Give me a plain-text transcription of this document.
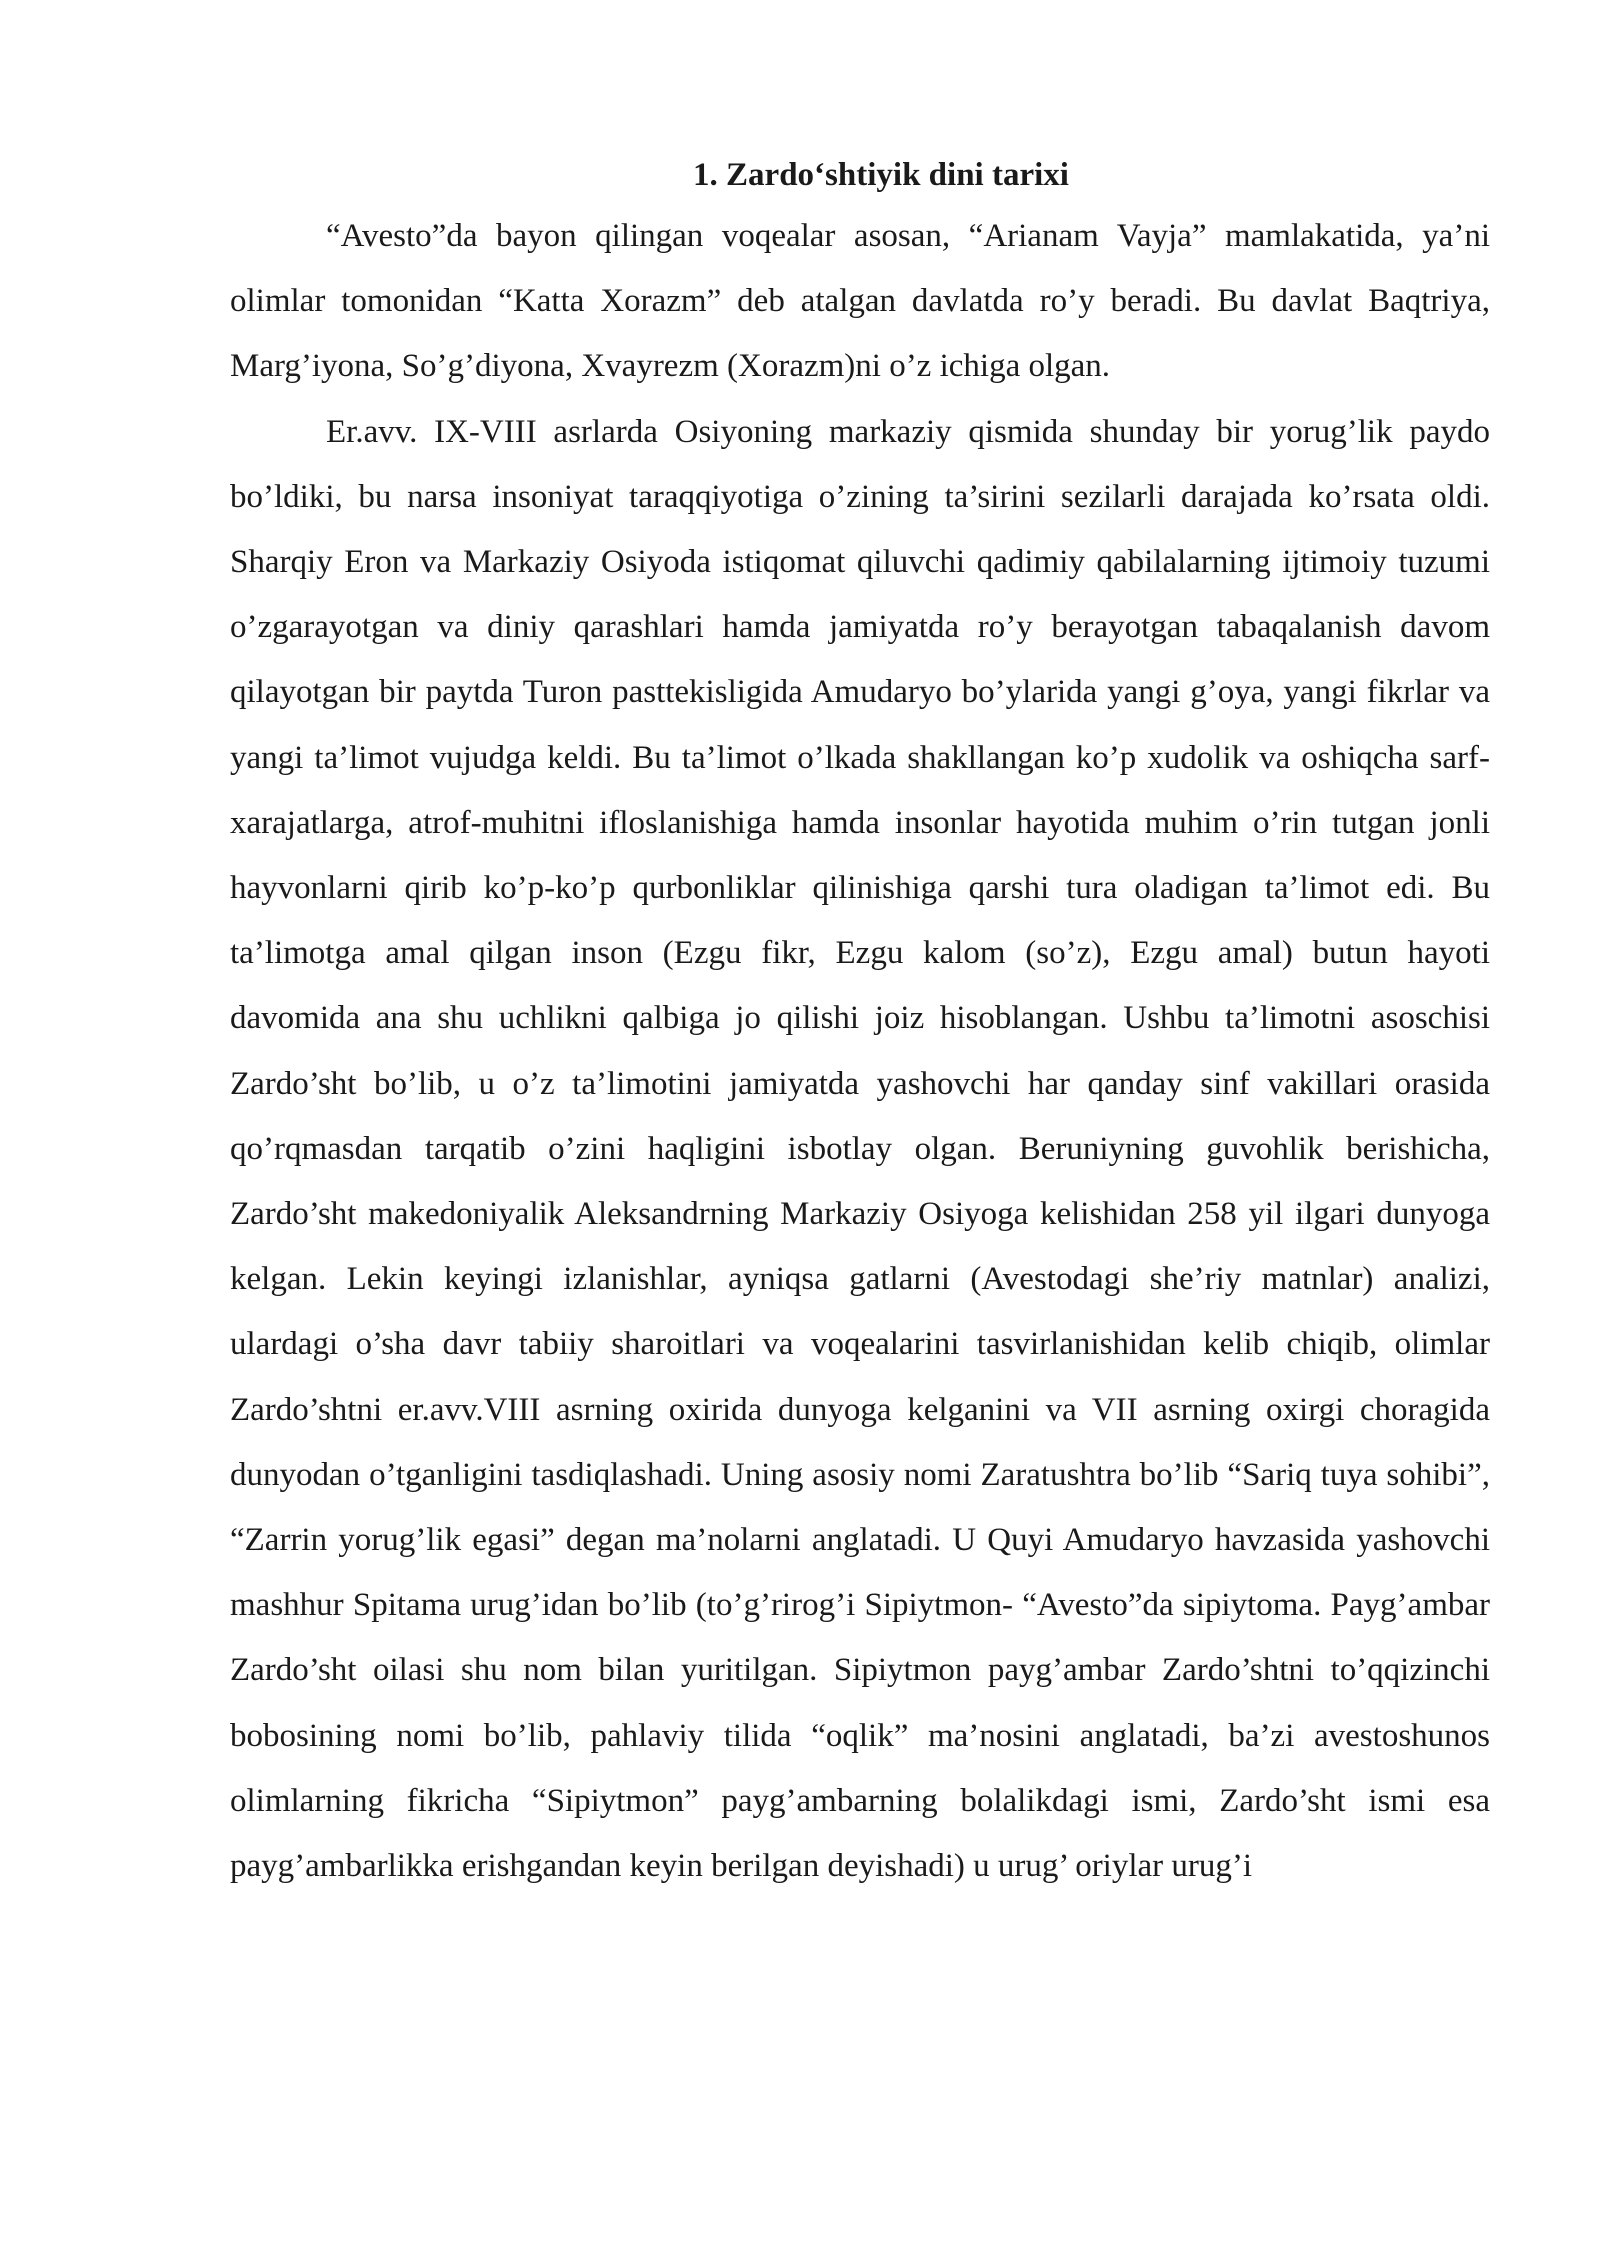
1. Zardo‘shtiyik dini tarixi

“Avesto”da bayon qilingan voqealar asosan, “Arianam Vayja” mamlakatida, ya’ni olimlar tomonidan “Katta Xorazm” deb atalgan davlatda ro’y beradi. Bu davlat Baqtriya, Marg’iyona, So’g’diyona, Xvayrezm (Xorazm)ni o’z ichiga olgan.

Er.avv. IX-VIII asrlarda Osiyoning markaziy qismida shunday bir yorug’lik paydo bo’ldiki, bu narsa insoniyat taraqqiyotiga o’zining ta’sirini sezilarli darajada ko’rsata oldi. Sharqiy Eron va Markaziy Osiyoda istiqomat qiluvchi qadimiy qabilalarning ijtimoiy tuzumi o’zgarayotgan va diniy qarashlari hamda jamiyatda ro’y berayotgan tabaqalanish davom qilayotgan bir paytda Turon pasttekisligida Amudaryo bo’ylarida yangi g’oya, yangi fikrlar va yangi ta’limot vujudga keldi. Bu ta’limot o’lkada shakllangan ko’p xudolik va oshiqcha sarf-xarajatlarga, atrof-muhitni ifloslanishiga hamda insonlar hayotida muhim o’rin tutgan jonli hayvonlarni qirib ko’p-ko’p qurbonliklar qilinishiga qarshi tura oladigan ta’limot edi. Bu ta’limotga amal qilgan inson (Ezgu fikr, Ezgu kalom (so’z), Ezgu amal) butun hayoti davomida ana shu uchlikni qalbiga jo qilishi joiz hisoblangan. Ushbu ta’limotni asoschisi Zardo’sht bo’lib, u o’z ta’limotini jamiyatda yashovchi har qanday sinf vakillari orasida qo’rqmasdan tarqatib o’zini haqligini isbotlay olgan. Beruniyning guvohlik berishicha, Zardo’sht makedoniyalik Aleksandrning Markaziy Osiyoga kelishidan 258 yil ilgari dunyoga kelgan. Lekin keyingi izlanishlar, ayniqsa gatlarni (Avestodagi she’riy matnlar) analizi, ulardagi o’sha davr tabiiy sharoitlari va voqealarini tasvirlanishidan kelib chiqib, olimlar Zardo’shtni er.avv.VIII asrning oxirida dunyoga kelganini va VII asrning oxirgi choragida dunyodan o’tganligini tasdiqlashadi. Uning asosiy nomi Zaratushtra bo’lib “Sariq tuya sohibi”, “Zarrin yorug’lik egasi” degan ma’nolarni anglatadi. U Quyi Amudaryo havzasida yashovchi mashhur Spitama urug’idan bo’lib (to’g’rirog’i Sipiytmon- “Avesto”da sipiytoma. Payg’ambar Zardo’sht oilasi shu nom bilan yuritilgan. Sipiytmon payg’ambar Zardo’shtni to’qqizinchi bobosining nomi bo’lib, pahlaviy tilida “oqlik” ma’nosini anglatadi, ba’zi avestoshunos olimlarning fikricha “Sipiytmon” payg’ambarning bolalikdagi ismi, Zardo’sht ismi esa payg’ambarlikka erishgandan keyin berilgan deyishadi) u urug’ oriylar urug’i
